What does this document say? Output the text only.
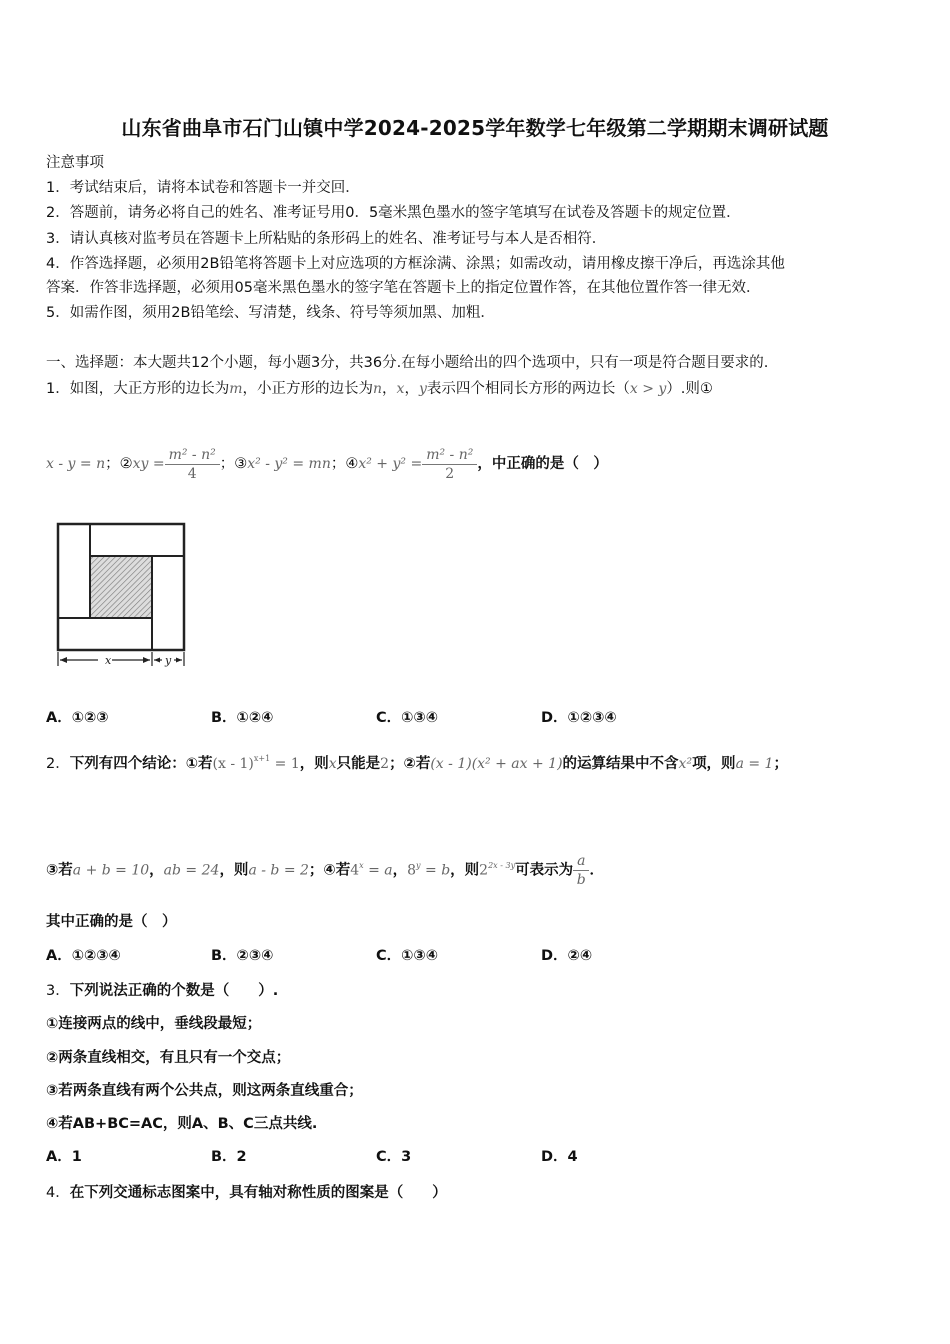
山东省曲阜市石门山镇中学2024-2025学年数学七年级第二学期期末调研试题
注意事项
1．考试结束后，请将本试卷和答题卡一并交回．
2．答题前，请务必将自己的姓名、准考证号用0．5毫米黑色墨水的签字笔填写在试卷及答题卡的规定位置．
3．请认真核对监考员在答题卡上所粘贴的条形码上的姓名、准考证号与本人是否相符．
4．作答选择题，必须用2B铅笔将答题卡上对应选项的方框涂满、涂黑；如需改动，请用橡皮擦干净后，再选涂其他
答案．作答非选择题，必须用05毫米黑色墨水的签字笔在答题卡上的指定位置作答，在其他位置作答一律无效．
5．如需作图，须用2B铅笔绘、写清楚，线条、符号等须加黑、加粗．
一、选择题：本大题共12个小题，每小题3分，共36分.在每小题给出的四个选项中，只有一项是符合题目要求的.
1．如图，大正方形的边长为m，小正方形的边长为n，x，y表示四个相同长方形的两边长（x > y）.则①
x - y = n；②xy = $\frac{\text{m² - n²}}{4}$ ；③x² - y² = mn；④x² + $y^2 = \frac{\text{m² - n²}}{2}$ ，中正确的是（　）
x	y
A．①②③	B．①②④	C．①③④	D．①②③④
2．下列有四个结论：①若(x - 1)$^{x+1}$ = 1，则x只能是2；②若(x - 1)(x² + ax + 1)的运算结果中不含x²项，则a = 1；
③若a + b = 10，ab = 24，则a - b = 2；④若$4^x = a$，$8^y = b$，则$2^{2x - 3y}$可表示为 $\frac{a}{b}$ ．
其中正确的是（　）
A．①②③④	B．②③④	C．①③④	D．②④
3．下列说法正确的个数是（　　）.
①连接两点的线中，垂线段最短；
②两条直线相交，有且只有一个交点；
③若两条直线有两个公共点，则这两条直线重合；
④若AB+BC=AC，则A、B、C三点共线.
A．1	B．2	C．3	D．4
4．在下列交通标志图案中，具有轴对称性质的图案是（　　）
